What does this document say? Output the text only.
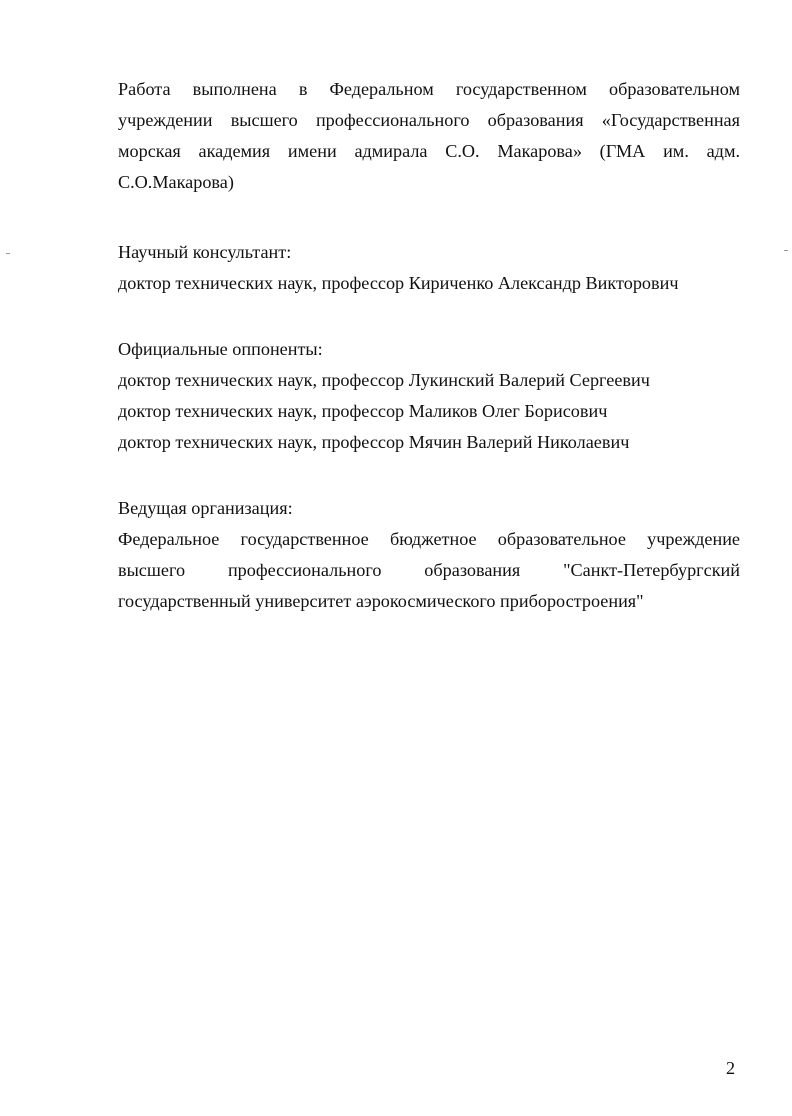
Работа выполнена в Федеральном государственном образовательном
учреждении высшего профессионального образования «Государственная
морская академия имени адмирала С.О. Макарова» (ГМА им. адм.
С.О.Макарова)
Научный консультант:
доктор технических наук, профессор Кириченко Александр Викторович
Официальные оппоненты:
доктор технических наук, профессор Лукинский Валерий Сергеевич
доктор технических наук, профессор Маликов Олег Борисович
доктор технических наук, профессор Мячин Валерий Николаевич
Ведущая организация:
Федеральное государственное бюджетное образовательное учреждение
высшего профессионального образования "Санкт-Петербургский
государственный университет аэрокосмического приборостроения"
2
